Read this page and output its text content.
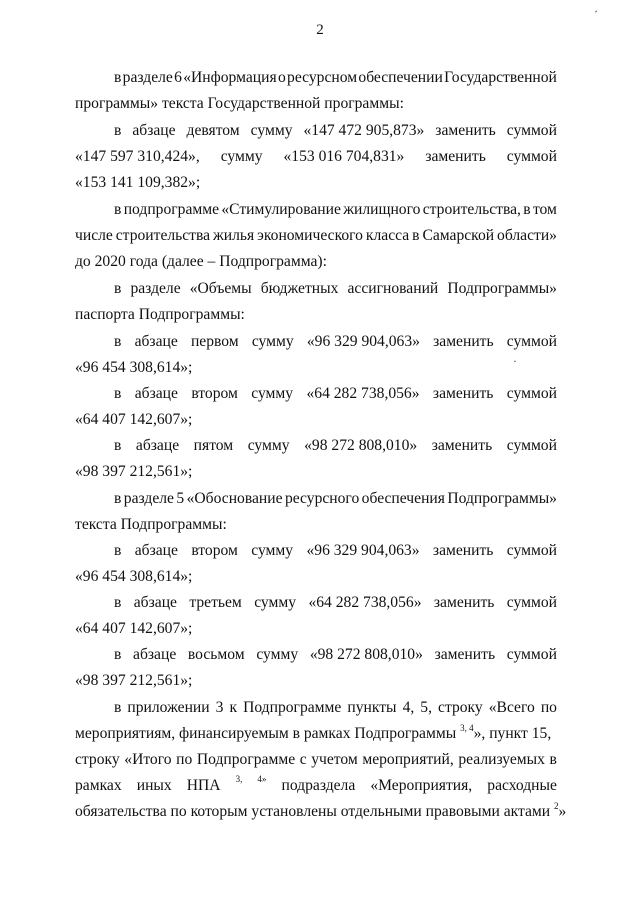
2
в разделе 6 «Информация о ресурсном обеспечении Государственной
программы» текста Государственной программы:
в абзаце девятом сумму «147 472 905,873» заменить суммой
«147 597 310,424», сумму «153 016 704,831» заменить суммой
«153 141 109,382»;
в подпрограмме «Стимулирование жилищного строительства, в том
числе строительства жилья экономического класса в Самарской области»
до 2020 года (далее – Подпрограмма):
в разделе «Объемы бюджетных ассигнований Подпрограммы»
паспорта Подпрограммы:
в абзаце первом сумму «96 329 904,063» заменить суммой
«96 454 308,614»;
в абзаце втором сумму «64 282 738,056» заменить суммой
«64 407 142,607»;
в абзаце пятом сумму «98 272 808,010» заменить суммой
«98 397 212,561»;
в разделе 5 «Обоснование ресурсного обеспечения Подпрограммы»
текста Подпрограммы:
в абзаце втором сумму «96 329 904,063» заменить суммой
«96 454 308,614»;
в абзаце третьем сумму «64 282 738,056» заменить суммой
«64 407 142,607»;
в абзаце восьмом сумму «98 272 808,010» заменить суммой
«98 397 212,561»;
в приложении 3 к Подпрограмме пункты 4, 5, строку «Всего по
мероприятиям, финансируемым в рамках Подпрограммы $^{3, 4}$», пункт 15,
строку «Итого по Подпрограмме с учетом мероприятий, реализуемых в
рамках иных НПА 3, 4» подраздела «Мероприятия, расходные
обязательства по которым установлены отдельными правовыми актами $^2$»
ˊ
·
